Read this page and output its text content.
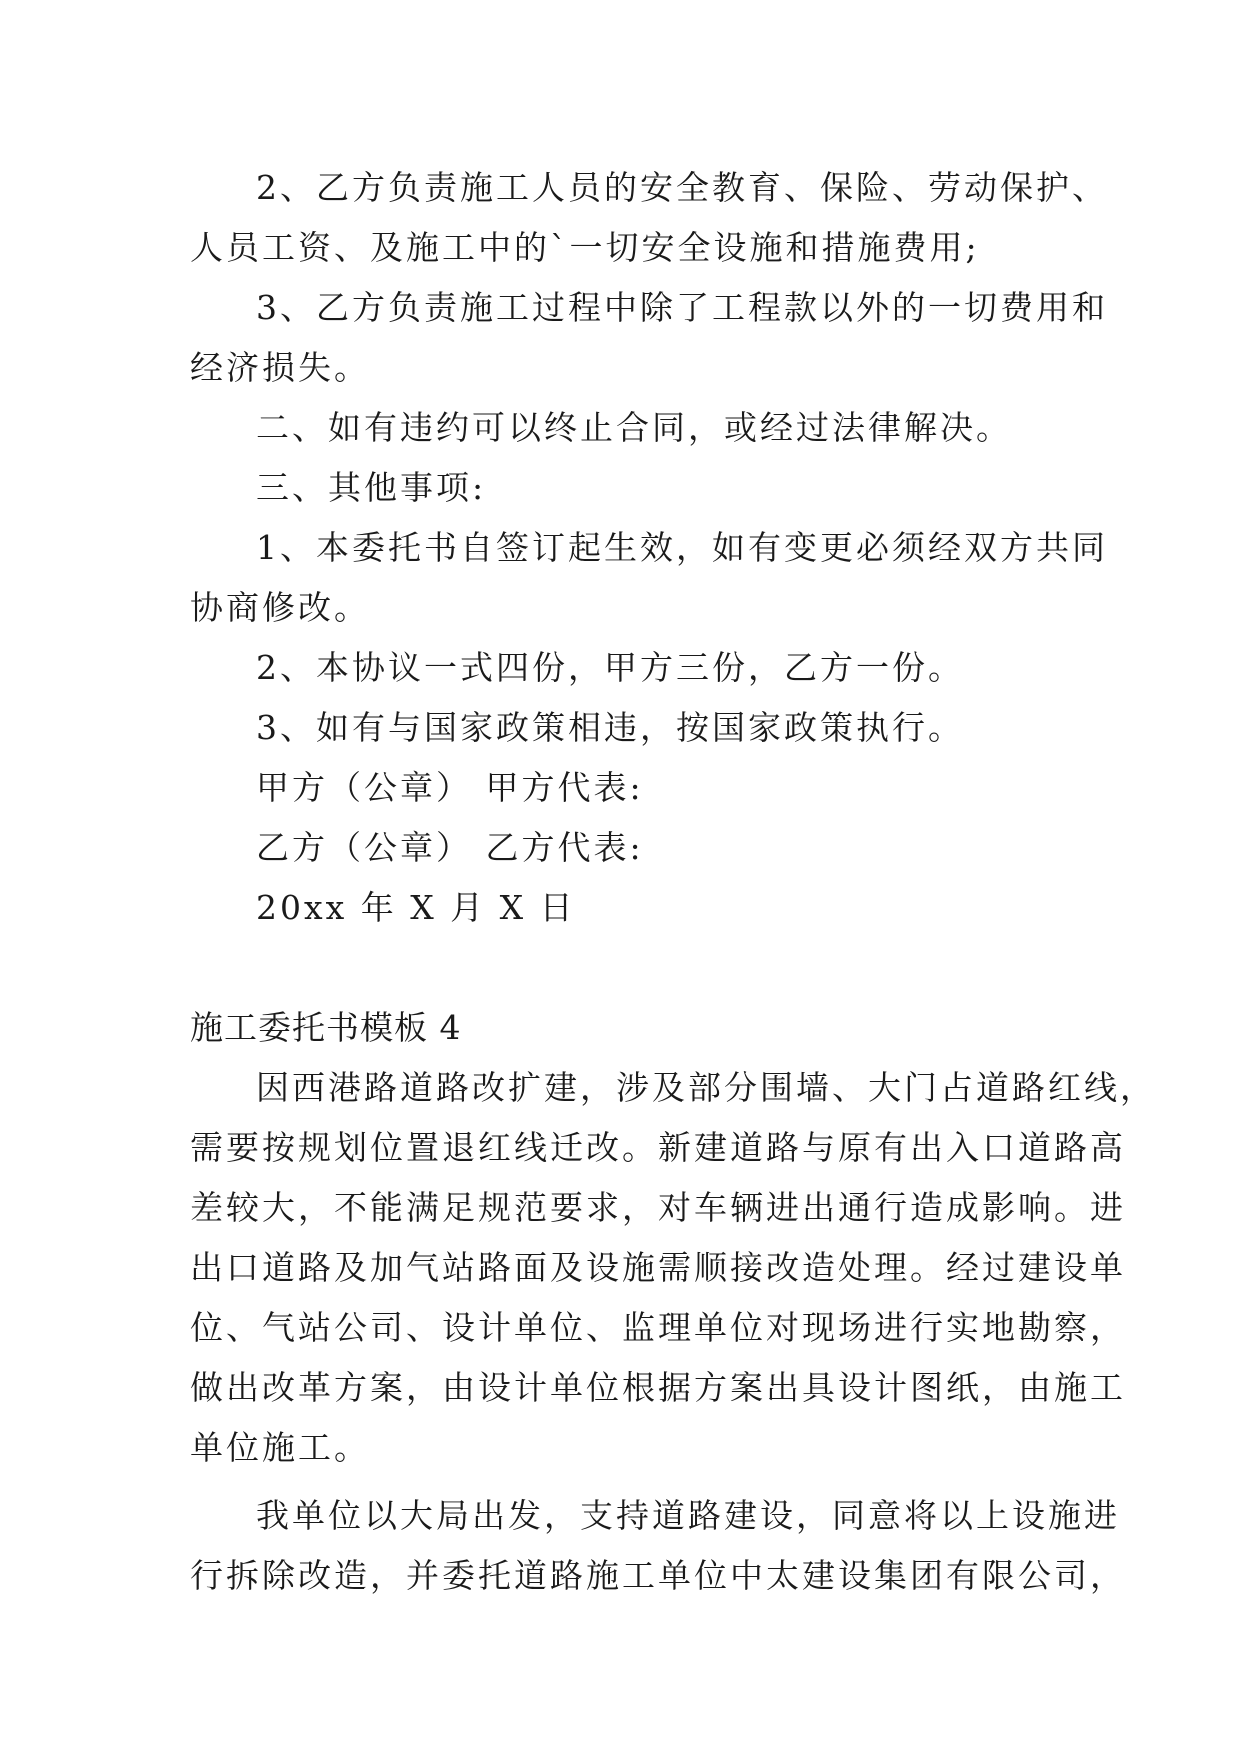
2、乙方负责施工人员的安全教育、保险、劳动保护、
人员工资、及施工中的`一切安全设施和措施费用;
3、乙方负责施工过程中除了工程款以外的一切费用和
经济损失。
二、如有违约可以终止合同，或经过法律解决。
三、其他事项:
1、本委托书自签订起生效，如有变更必须经双方共同
协商修改。
2、本协议一式四份，甲方三份，乙方一份。
3、如有与国家政策相违，按国家政策执行。
甲方（公章） 甲方代表:
乙方（公章） 乙方代表:
20xx 年 X 月 X 日
施工委托书模板 4
因西港路道路改扩建，涉及部分围墙、大门占道路红线，
需要按规划位置退红线迁改。新建道路与原有出入口道路高
差较大，不能满足规范要求，对车辆进出通行造成影响。进
出口道路及加气站路面及设施需顺接改造处理。经过建设单
位、气站公司、设计单位、监理单位对现场进行实地勘察，
做出改革方案，由设计单位根据方案出具设计图纸，由施工
单位施工。
我单位以大局出发，支持道路建设，同意将以上设施进
行拆除改造，并委托道路施工单位中太建设集团有限公司，
